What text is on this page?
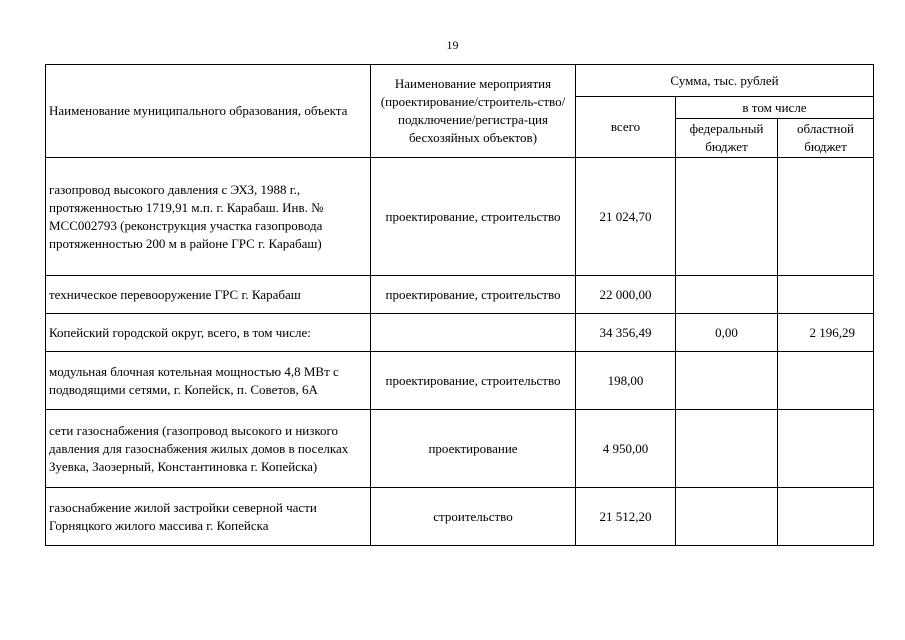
19
Наименование муниципального образования, объекта	Наименование мероприятия (проектирование/строитель-ство/подключение/регистра-ция бесхозяйных объектов)	Сумма, тыс. рублей		
		всего	в том числе	
			федеральный бюджет	областной бюджет
газопровод высокого давления с ЭХЗ, 1988 г., протяженностью 1719,91 м.п. г. Карабаш. Инв. № МСС002793 (реконструкция участка газопровода протяженностью 200 м в районе ГРС г. Карабаш)	проектирование, строительство	21 024,70		
техническое перевооружение ГРС г. Карабаш	проектирование, строительство	22 000,00		
Копейский городской округ, всего, в том числе:		34 356,49	0,00	2 196,29
модульная блочная котельная мощностью 4,8 МВт с подводящими сетями, г. Копейск, п. Советов, 6А	проектирование, строительство	198,00		
сети газоснабжения (газопровод высокого и низкого давления для газоснабжения жилых домов в поселках Зуевка, Заозерный, Константиновка г. Копейска)	проектирование	4 950,00		
газоснабжение жилой застройки северной части Горняцкого жилого массива г. Копейска	строительство	21 512,20		
